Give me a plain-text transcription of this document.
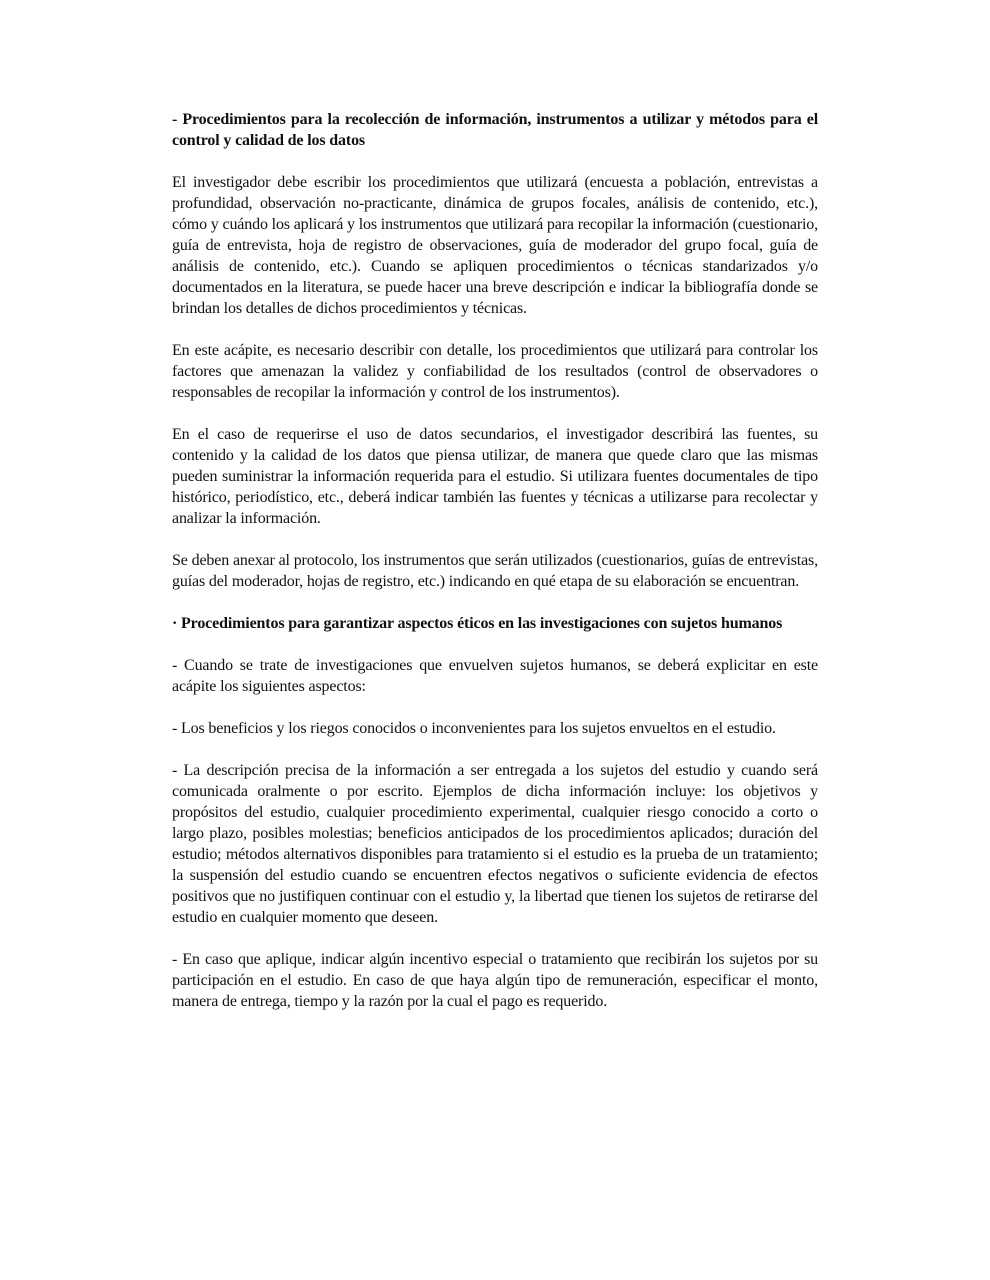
- Procedimientos para la recolección de información, instrumentos a utilizar y métodos para el control y calidad de los datos

El investigador debe escribir los procedimientos que utilizará (encuesta a población, entrevistas a profundidad, observación no-practicante, dinámica de grupos focales, análisis de contenido, etc.), cómo y cuándo los aplicará y los instrumentos que utilizará para recopilar la información (cuestionario, guía de entrevista, hoja de registro de observaciones, guía de moderador del grupo focal, guía de análisis de contenido, etc.). Cuando se apliquen procedimientos o técnicas standarizados y/o documentados en la literatura, se puede hacer una breve descripción e indicar la bibliografía donde se brindan los detalles de dichos procedimientos y técnicas.

En este acápite, es necesario describir con detalle, los procedimientos que utilizará para controlar los factores que amenazan la validez y confiabilidad de los resultados (control de observadores o responsables de recopilar la información y control de los instrumentos).

En el caso de requerirse el uso de datos secundarios, el investigador describirá las fuentes, su contenido y la calidad de los datos que piensa utilizar, de manera que quede claro que las mismas pueden suministrar la información requerida para el estudio. Si utilizara fuentes documentales de tipo histórico, periodístico, etc., deberá indicar también las fuentes y técnicas a utilizarse para recolectar y analizar la información.

Se deben anexar al protocolo, los instrumentos que serán utilizados (cuestionarios, guías de entrevistas, guías del moderador, hojas de registro, etc.) indicando en qué etapa de su elaboración se encuentran.

· Procedimientos para garantizar aspectos éticos en las investigaciones con sujetos humanos

- Cuando se trate de investigaciones que envuelven sujetos humanos, se deberá explicitar en este acápite los siguientes aspectos:

- Los beneficios y los riegos conocidos o inconvenientes para los sujetos envueltos en el estudio.

- La descripción precisa de la información a ser entregada a los sujetos del estudio y cuando será comunicada oralmente o por escrito. Ejemplos de dicha información incluye: los objetivos y propósitos del estudio, cualquier procedimiento experimental, cualquier riesgo conocido a corto o largo plazo, posibles molestias; beneficios anticipados de los procedimientos aplicados; duración del estudio; métodos alternativos disponibles para tratamiento si el estudio es la prueba de un tratamiento; la suspensión del estudio cuando se encuentren efectos negativos o suficiente evidencia de efectos positivos que no justifiquen continuar con el estudio y, la libertad que tienen los sujetos de retirarse del estudio en cualquier momento que deseen.

- En caso que aplique, indicar algún incentivo especial o tratamiento que recibirán los sujetos por su participación en el estudio. En caso de que haya algún tipo de remuneración, especificar el monto, manera de entrega, tiempo y la razón por la cual el pago es requerido.
